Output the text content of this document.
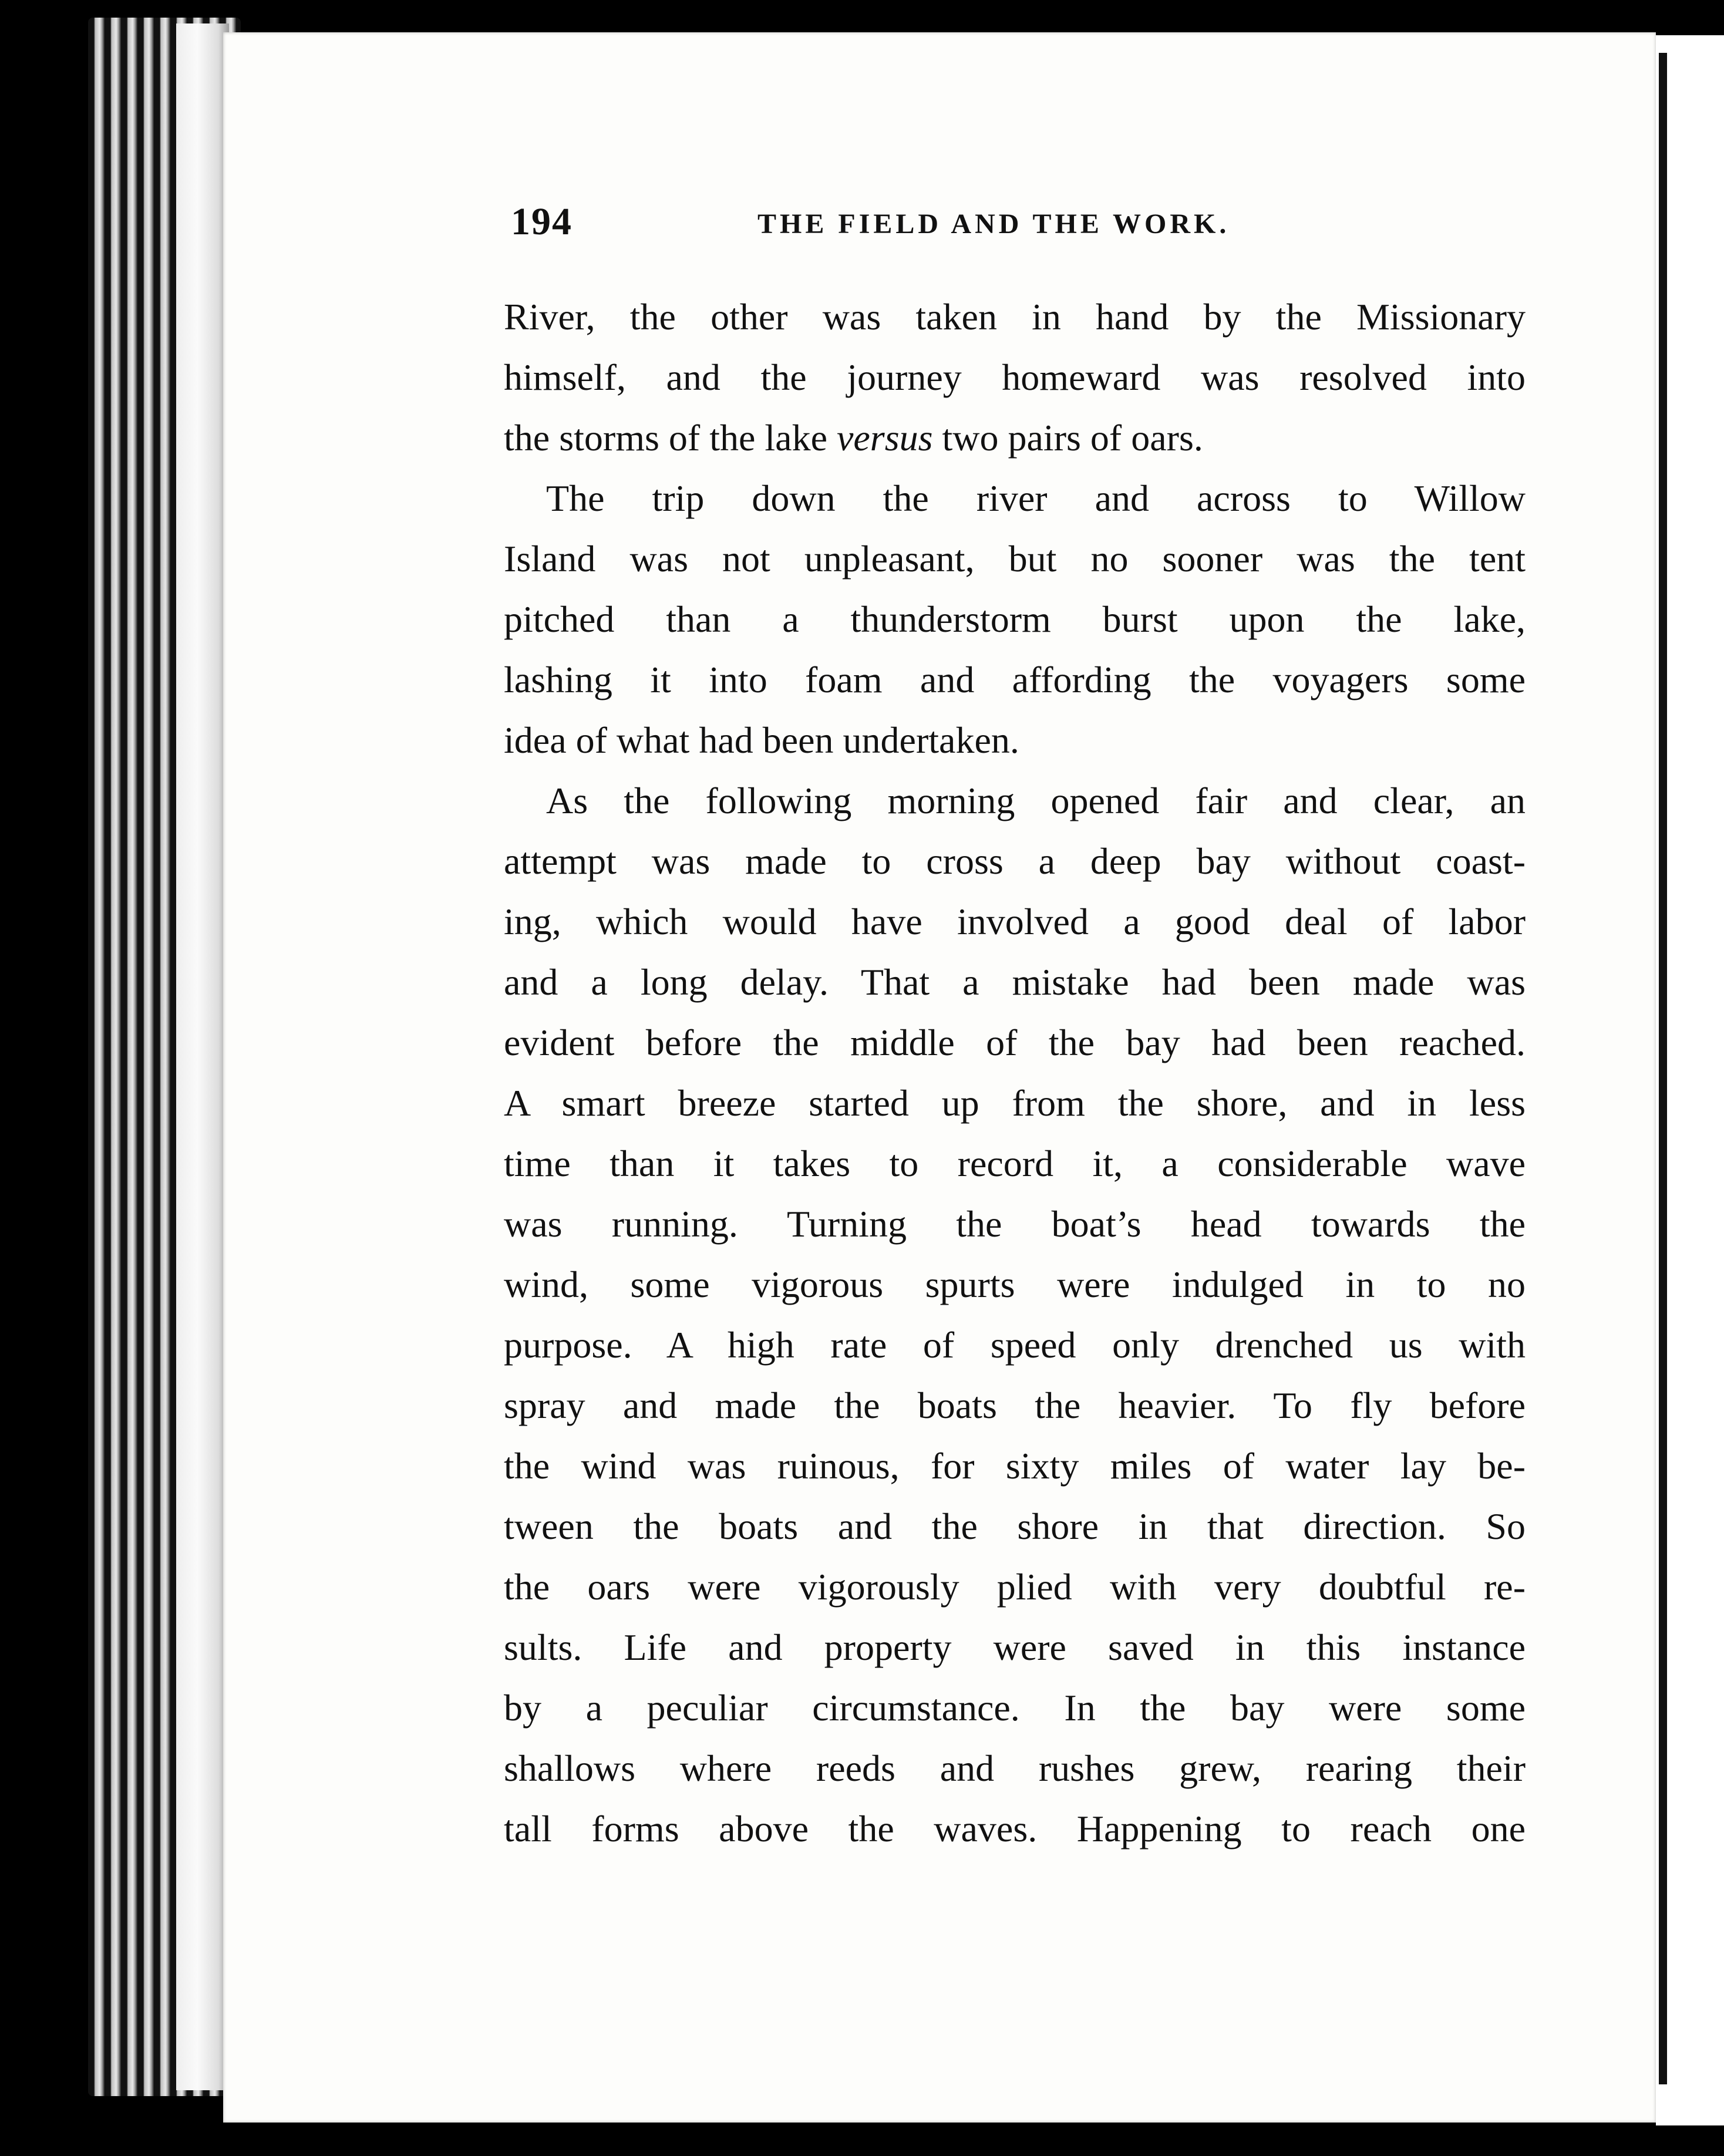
194	THE FIELD AND THE WORK.
River, the other was taken in hand by the Missionary
himself, and the journey homeward was resolved into
the storms of the lake versus two pairs of oars.
The trip down the river and across to Willow
Island was not unpleasant, but no sooner was the tent
pitched than a thunderstorm burst upon the lake,
lashing it into foam and affording the voyagers some
idea of what had been undertaken.
As the following morning opened fair and clear, an
attempt was made to cross a deep bay without coast-
ing, which would have involved a good deal of labor
and a long delay. That a mistake had been made was
evident before the middle of the bay had been reached.
A smart breeze started up from the shore, and in less
time than it takes to record it, a considerable wave
was running. Turning the boat’s head towards the
wind, some vigorous spurts were indulged in to no
purpose. A high rate of speed only drenched us with
spray and made the boats the heavier. To fly before
the wind was ruinous, for sixty miles of water lay be-
tween the boats and the shore in that direction. So
the oars were vigorously plied with very doubtful re-
sults. Life and property were saved in this instance
by a peculiar circumstance. In the bay were some
shallows where reeds and rushes grew, rearing their
tall forms above the waves. Happening to reach one
